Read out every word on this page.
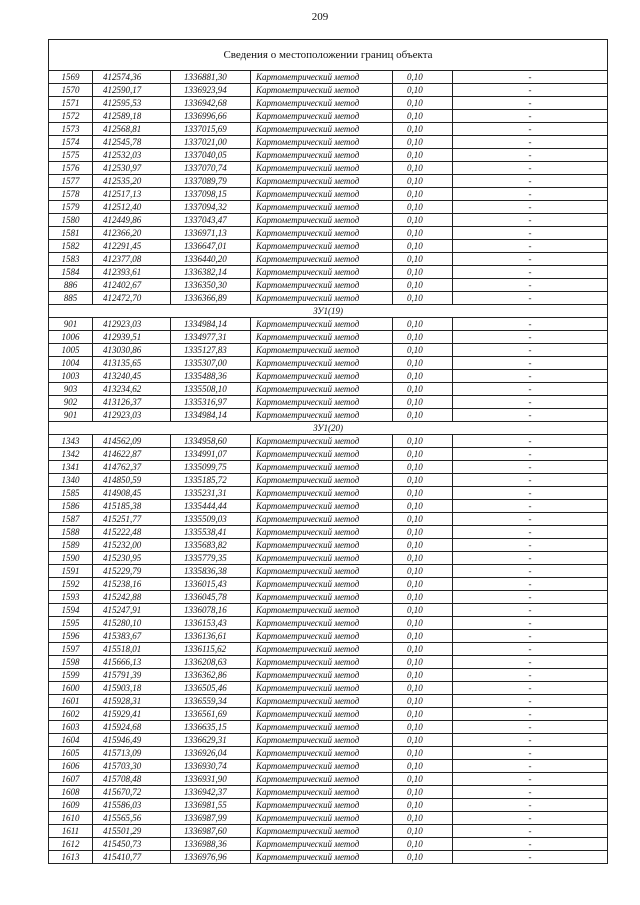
209
Сведения о местоположении границ объекта					
1569	412574,36	1336881,30	Картометрический метод	0,10	-
1570	412590,17	1336923,94	Картометрический метод	0,10	-
1571	412595,53	1336942,68	Картометрический метод	0,10	-
1572	412589,18	1336996,66	Картометрический метод	0,10	-
1573	412568,81	1337015,69	Картометрический метод	0,10	-
1574	412545,78	1337021,00	Картометрический метод	0,10	-
1575	412532,03	1337040,05	Картометрический метод	0,10	-
1576	412530,97	1337070,74	Картометрический метод	0,10	-
1577	412535,20	1337089,79	Картометрический метод	0,10	-
1578	412517,13	1337098,15	Картометрический метод	0,10	-
1579	412512,40	1337094,32	Картометрический метод	0,10	-
1580	412449,86	1337043,47	Картометрический метод	0,10	-
1581	412366,20	1336971,13	Картометрический метод	0,10	-
1582	412291,45	1336647,01	Картометрический метод	0,10	-
1583	412377,08	1336440,20	Картометрический метод	0,10	-
1584	412393,61	1336382,14	Картометрический метод	0,10	-
886	412402,67	1336350,30	Картометрический метод	0,10	-
885	412472,70	1336366,89	Картометрический метод	0,10	-
ЗУ1(19)					
901	412923,03	1334984,14	Картометрический метод	0,10	-
1006	412939,51	1334977,31	Картометрический метод	0,10	-
1005	413030,86	1335127,83	Картометрический метод	0,10	-
1004	413135,65	1335307,00	Картометрический метод	0,10	-
1003	413240,45	1335488,36	Картометрический метод	0,10	-
903	413234,62	1335508,10	Картометрический метод	0,10	-
902	413126,37	1335316,97	Картометрический метод	0,10	-
901	412923,03	1334984,14	Картометрический метод	0,10	-
ЗУ1(20)					
1343	414562,09	1334958,60	Картометрический метод	0,10	-
1342	414622,87	1334991,07	Картометрический метод	0,10	-
1341	414762,37	1335099,75	Картометрический метод	0,10	-
1340	414850,59	1335185,72	Картометрический метод	0,10	-
1585	414908,45	1335231,31	Картометрический метод	0,10	-
1586	415185,38	1335444,44	Картометрический метод	0,10	-
1587	415251,77	1335509,03	Картометрический метод	0,10	-
1588	415222,48	1335538,41	Картометрический метод	0,10	-
1589	415232,00	1335683,82	Картометрический метод	0,10	-
1590	415230,95	1335779,35	Картометрический метод	0,10	-
1591	415229,79	1335836,38	Картометрический метод	0,10	-
1592	415238,16	1336015,43	Картометрический метод	0,10	-
1593	415242,88	1336045,78	Картометрический метод	0,10	-
1594	415247,91	1336078,16	Картометрический метод	0,10	-
1595	415280,10	1336153,43	Картометрический метод	0,10	-
1596	415383,67	1336136,61	Картометрический метод	0,10	-
1597	415518,01	1336115,62	Картометрический метод	0,10	-
1598	415666,13	1336208,63	Картометрический метод	0,10	-
1599	415791,39	1336362,86	Картометрический метод	0,10	-
1600	415903,18	1336505,46	Картометрический метод	0,10	-
1601	415928,31	1336559,34	Картометрический метод	0,10	-
1602	415929,41	1336561,69	Картометрический метод	0,10	-
1603	415924,68	1336635,15	Картометрический метод	0,10	-
1604	415946,49	1336629,31	Картометрический метод	0,10	-
1605	415713,09	1336926,04	Картометрический метод	0,10	-
1606	415703,30	1336930,74	Картометрический метод	0,10	-
1607	415708,48	1336931,90	Картометрический метод	0,10	-
1608	415670,72	1336942,37	Картометрический метод	0,10	-
1609	415586,03	1336981,55	Картометрический метод	0,10	-
1610	415565,56	1336987,99	Картометрический метод	0,10	-
1611	415501,29	1336987,60	Картометрический метод	0,10	-
1612	415450,73	1336988,36	Картометрический метод	0,10	-
1613	415410,77	1336976,96	Картометрический метод	0,10	-
